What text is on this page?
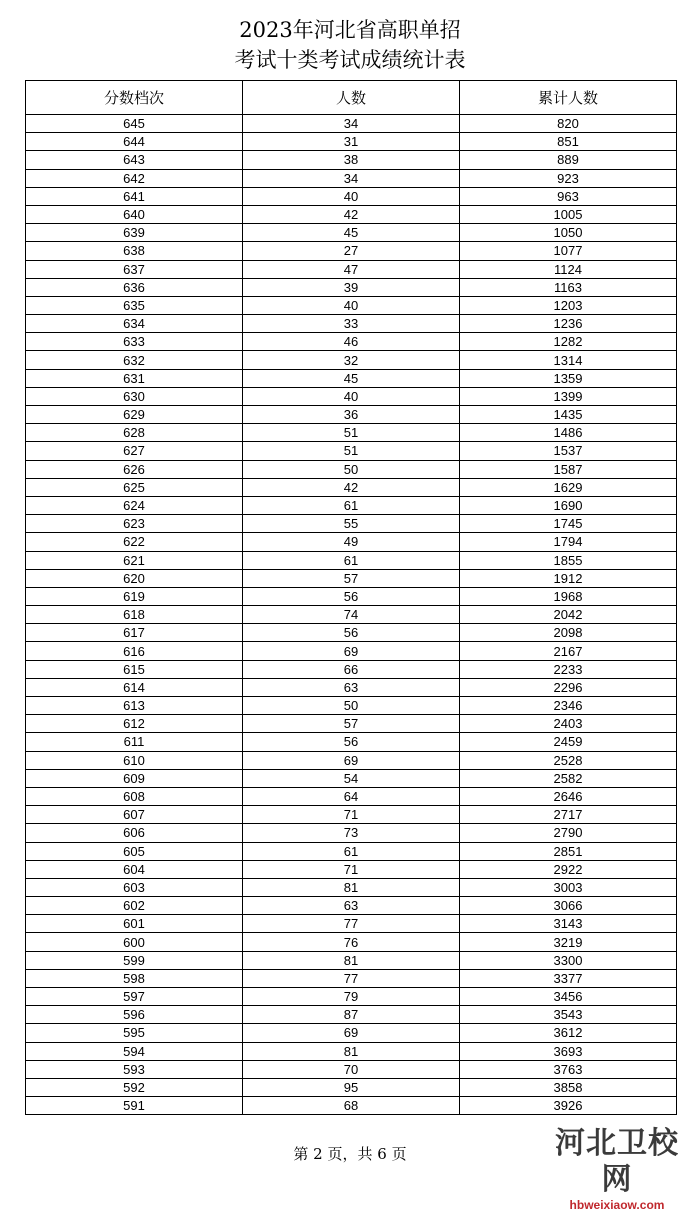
2023年河北省高职单招
考试十类考试成绩统计表
分数档次	人数	累计人数
645	34	820
644	31	851
643	38	889
642	34	923
641	40	963
640	42	1005
639	45	1050
638	27	1077
637	47	1124
636	39	1163
635	40	1203
634	33	1236
633	46	1282
632	32	1314
631	45	1359
630	40	1399
629	36	1435
628	51	1486
627	51	1537
626	50	1587
625	42	1629
624	61	1690
623	55	1745
622	49	1794
621	61	1855
620	57	1912
619	56	1968
618	74	2042
617	56	2098
616	69	2167
615	66	2233
614	63	2296
613	50	2346
612	57	2403
611	56	2459
610	69	2528
609	54	2582
608	64	2646
607	71	2717
606	73	2790
605	61	2851
604	71	2922
603	81	3003
602	63	3066
601	77	3143
600	76	3219
599	81	3300
598	77	3377
597	79	3456
596	87	3543
595	69	3612
594	81	3693
593	70	3763
592	95	3858
591	68	3926
第 2 页，共 6 页	河北卫校网
hbweixiaow.com
